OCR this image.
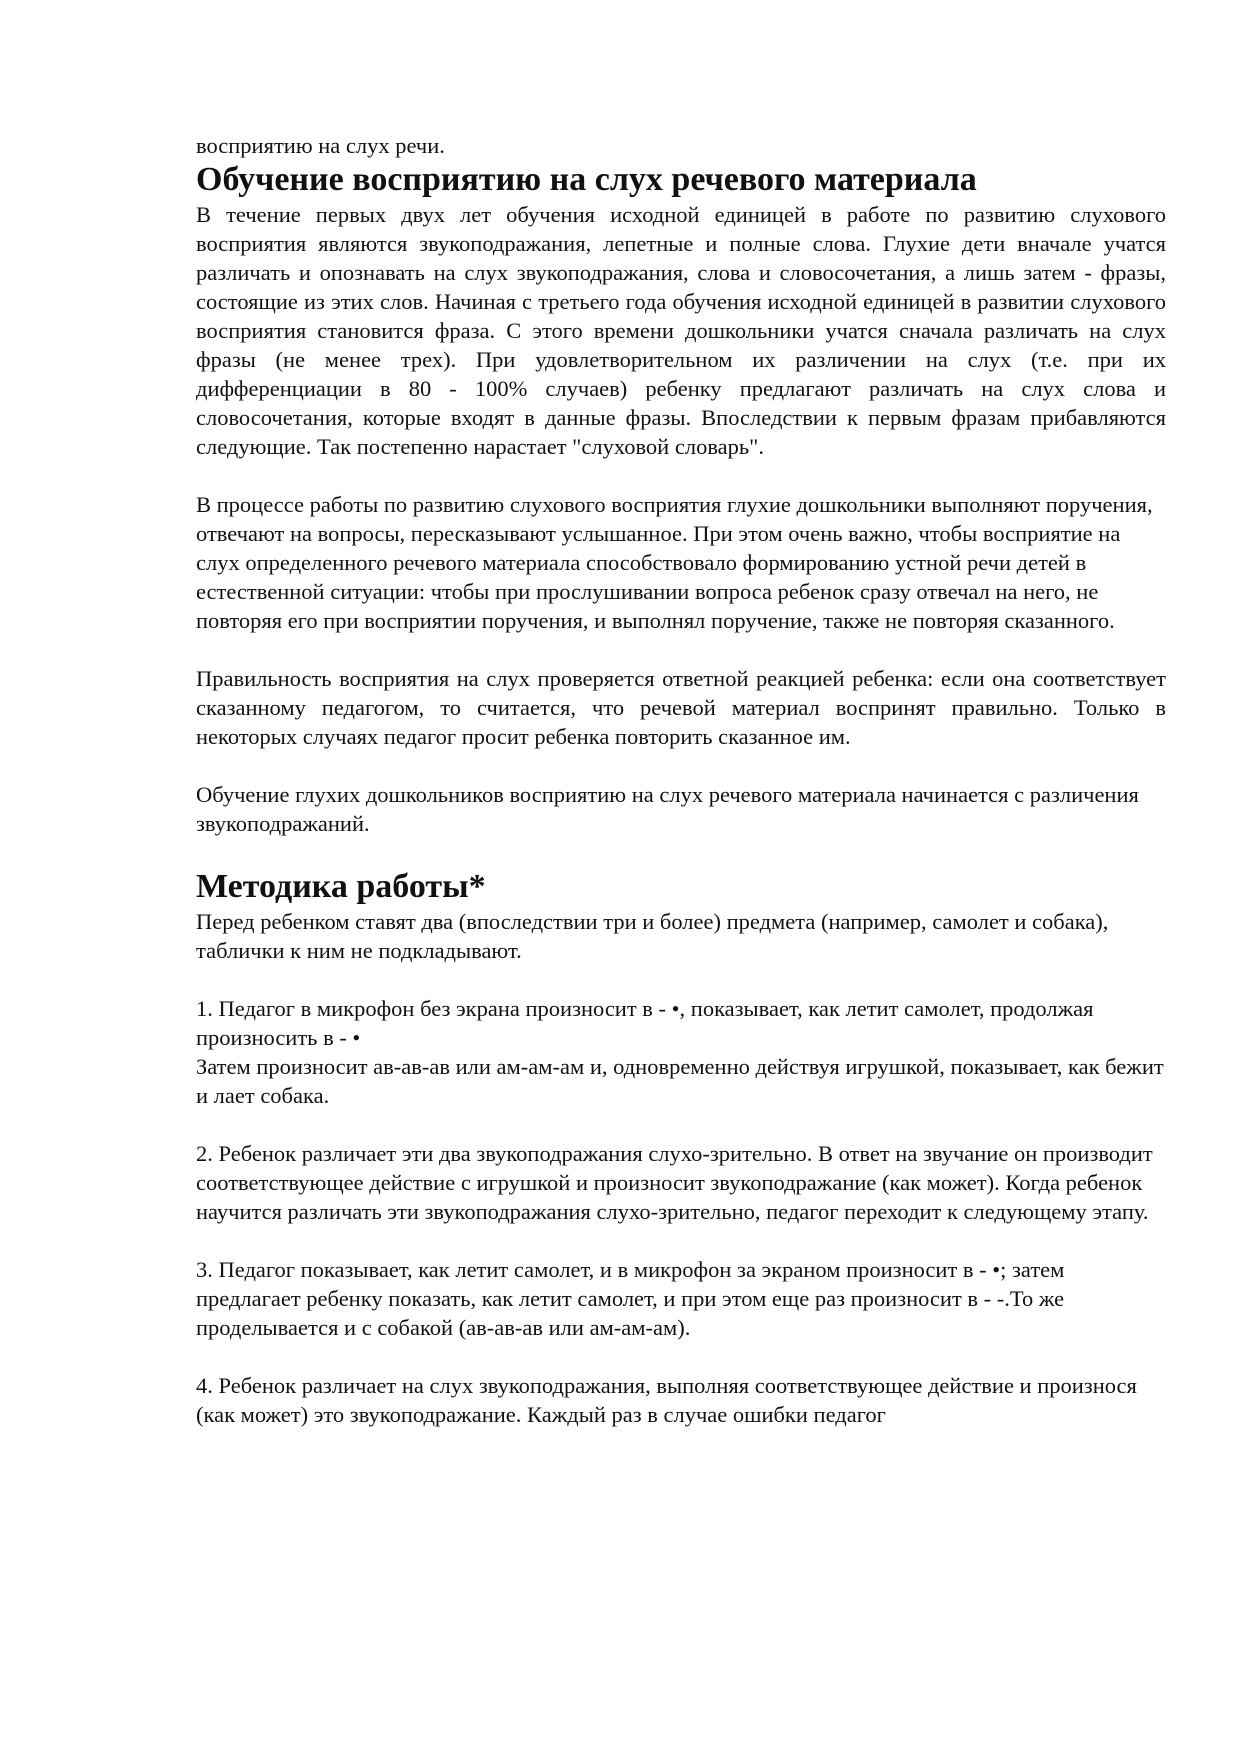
восприятию на слух речи.

Обучение восприятию на слух речевого материала

В течение первых двух лет обучения исходной единицей в работе по развитию слухового восприятия являются звукоподражания, лепетные и полные слова. Глухие дети вначале учатся различать и опознавать на слух звукоподражания, слова и словосочетания, а лишь затем - фразы, состоящие из этих слов. Начиная с третьего года обучения исходной единицей в развитии слухового восприятия становится фраза. С этого времени дошкольники учатся сначала различать на слух фразы (не менее трех). При удовлетворительном их различении на слух (т.е. при их дифференциации в 80 - 100% случаев) ребенку предлагают различать на слух слова и словосочетания, которые входят в данные фразы. Впоследствии к первым фразам прибавляются следующие. Так постепенно нарастает "слуховой словарь".

В процессе работы по развитию слухового восприятия глухие дошкольники выполняют поручения, отвечают на вопросы, пересказывают услышанное. При этом очень важно, чтобы восприятие на слух определенного речевого материала способствовало формированию устной речи детей в естественной ситуации: чтобы при прослушивании вопроса ребенок сразу отвечал на него, не повторяя его при восприятии поручения, и выполнял поручение, также не повторяя сказанного.

Правильность восприятия на слух проверяется ответной реакцией ребенка: если она соответствует сказанному педагогом, то считается, что речевой материал воспринят правильно. Только в некоторых случаях педагог просит ребенка повторить сказанное им.

Обучение глухих дошкольников восприятию на слух речевого материала начинается с различения звукоподражаний.

Методика работы*

Перед ребенком ставят два (впоследствии три и более) предмета (например, самолет и собака), таблички к ним не подкладывают.

1. Педагог в микрофон без экрана произносит в - •, показывает, как летит самолет, продолжая произносить в - •

Затем произносит ав-ав-ав или ам-ам-ам и, одновременно действуя игрушкой, показывает, как бежит и лает собака.

2. Ребенок различает эти два звукоподражания слухо-зрительно. В ответ на звучание он производит соответствующее действие с игрушкой и произносит звукоподражание (как может). Когда ребенок научится различать эти звукоподражания слухо-зрительно, педагог переходит к следующему этапу.

3. Педагог показывает, как летит самолет, и в микрофон за экраном произносит в - •; затем предлагает ребенку показать, как летит самолет, и при этом еще раз произносит в - -.То же проделывается и с собакой (ав-ав-ав или ам-ам-ам).

4. Ребенок различает на слух звукоподражания, выполняя соответствующее действие и произнося (как может) это звукоподражание. Каждый раз в случае ошибки педагог
